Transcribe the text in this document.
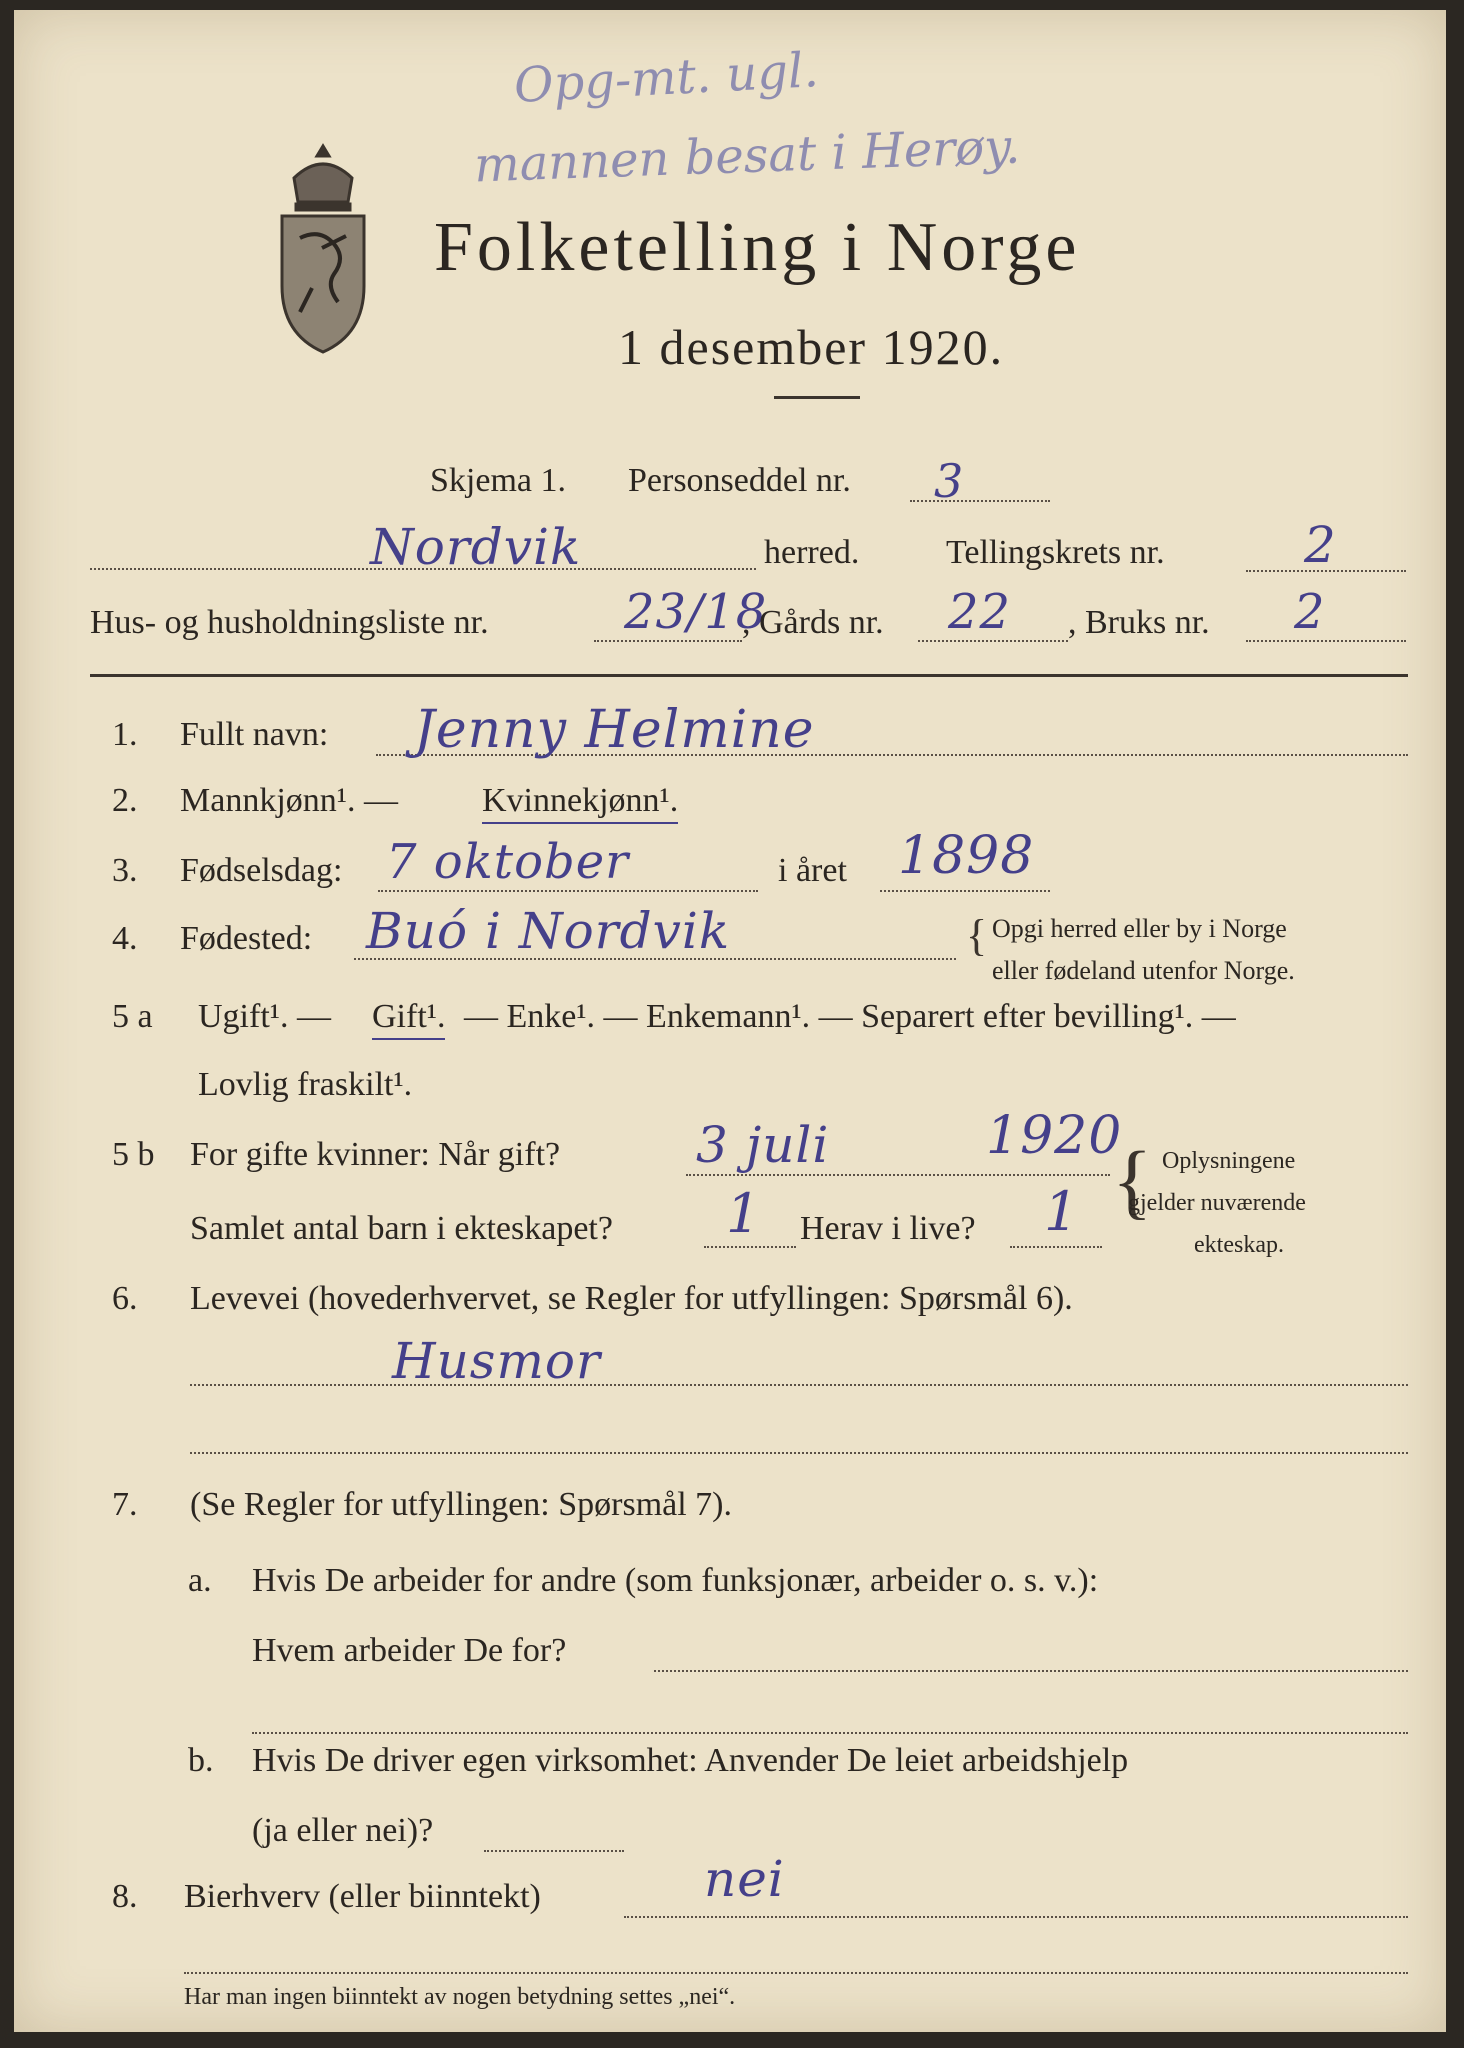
Opg-mt. ugl.
mannen besat i Herøy.
Folketelling i Norge
1 desember 1920.
Skjema 1. Personseddel nr. 3
Nordvik	herred.	Tellingskrets nr.	2
Hus- og husholdningsliste nr.	23/18
, Gårds nr. 22 , Bruks nr. 2
1. Fullt navn: Jenny Helmine
2. Mannkjønn¹. — Kvinnekjønn¹.
3. Fødselsdag: 7 oktober	i året 1898
4. Fødested: Buó i Nordvik	{ Opgi herred eller by i Norge
eller fødeland utenfor Norge.
5 a Ugift¹. — Gift¹. — Enke¹. — Enkemann¹. — Separert efter bevilling¹. —
Lovlig fraskilt¹.
5 b For gifte kvinner: Når gift?	3 juli	1920
Samlet antal barn i ekteskapet? 1 Herav i live? 1 { Oplysningene
gjelder nuværende
ekteskap.
6. Levevei (hovederhvervet, se Regler for utfyllingen: Spørsmål 6).
Husmor
7. (Se Regler for utfyllingen: Spørsmål 7).
a. Hvis De arbeider for andre (som funksjonær, arbeider o. s. v.):
Hvem arbeider De for?
b. Hvis De driver egen virksomhet: Anvender De leiet arbeidshjelp
(ja eller nei)?
8. Bierhverv (eller biinntekt)	nei
Har man ingen biinntekt av nogen betydning settes „nei“.
